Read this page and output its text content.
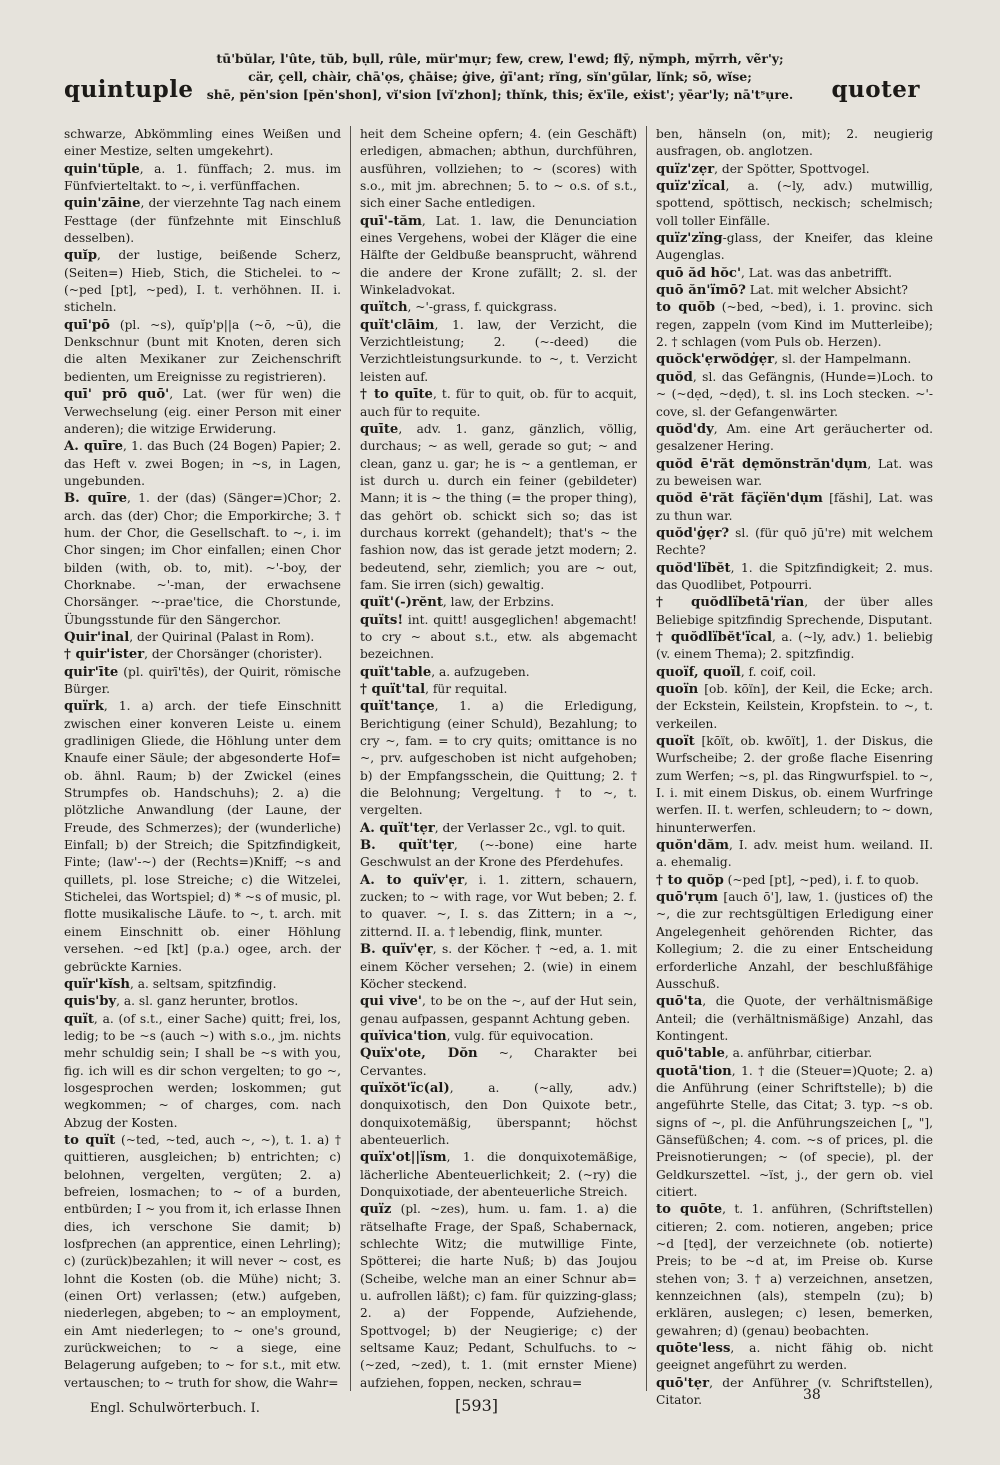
quintuple
tū'bŭlar, l'ûte, tŭb, bụll, rûle, mür'mụr; few, crew, l'ewd; flȳ, nȳmph, mȳrrh, vẽr'y;
cär, ç̣ell, chàir, chā'ọs, ç̣hāise; ġive, ġī'ant; rĭng, sĭn'gūlar, lĭnk; sō, wĭse;
shē, pĕn'sion [pĕn'shon], vĭ'sion [vĭ'zhon]; thĭnk, this; ĕx'īle, eẋist'; yēar'ly; nā'tˢụre. quoter

schwarze, Abkömmling eines Weißen und einer Mestize, selten umgekehrt).

quin'tŭple, a. 1. fünffach; 2. mus. im Fünfvierteltakt. to ~, i. verfünffachen.

quin'zāine, der vierzehnte Tag nach einem Festtage (der fünfzehnte mit Einschluß desselben).

quĭp, der lustige, beißende Scherz, (Seiten=) Hieb, Stich, die Stichelei. to ~ (~ped [pt], ~ped), I. t. verhöhnen. II. i. sticheln.

quī'pō (pl. ~s), quĭp'p||a (~ō, ~ū), die Denkschnur (bunt mit Knoten, deren sich die alten Mexikaner zur Zeichenschrift bedienten, um Ereignisse zu registrieren).

quī' prō quō', Lat. (wer für wen) die Verwechselung (eig. einer Person mit einer anderen); die witzige Erwiderung.

A. quīre, 1. das Buch (24 Bogen) Papier; 2. das Heft v. zwei Bogen; in ~s, in Lagen, ungebunden.

B. quīre, 1. der (das) (Sänger=)Chor; 2. arch. das (der) Chor; die Emporkirche; 3. † hum. der Chor, die Gesellschaft. to ~, i. im Chor singen; im Chor einfallen; einen Chor bilden (with, ob. to, mit). ~'-boy, der Chorknabe. ~'-man, der erwachsene Chorsänger. ~-prae'tice, die Chorstunde, Übungsstunde für den Sängerchor.

Quir'inal, der Quirinal (Palast in Rom).

† quir'ister, der Chorsänger (chorister).

quir'īte (pl. quirī'tēs), der Quirit, römische Bürger.

quïrk, 1. a) arch. der tiefe Einschnitt zwischen einer konveren Leiste u. einem gradlinigen Gliede, die Höhlung unter dem Knaufe einer Säule; der abgesonderte Hof= ob. ähnl. Raum; b) der Zwickel (eines Strumpfes ob. Handschuhs); 2. a) die plötzliche Anwandlung (der Laune, der Freude, des Schmerzes); der (wunderliche) Einfall; b) der Streich; die Spitzfindigkeit, Finte; (law'-~) der (Rechts=)Kniff; ~s and quillets, pl. lose Streiche; c) die Witzelei, Stichelei, das Wortspiel; d) * ~s of music, pl. flotte musikalische Läufe. to ~, t. arch. mit einem Einschnitt ob. einer Höhlung versehen. ~ed [kt] (p.a.) ogee, arch. der gebrückte Karnies.

quïr'kĭsh, a. seltsam, spitzfindig.

quis'by, a. sl. ganz herunter, brotlos.

quït, a. (of s.t., einer Sache) quitt; frei, los, ledig; to be ~s (auch ~) with s.o., jm. nichts mehr schuldig sein; I shall be ~s with you, fig. ich will es dir schon vergelten; to go ~, losgesprochen werden; loskommen; gut wegkommen; ~ of charges, com. nach Abzug der Kosten.

to quït (~ted, ~ted, auch ~, ~), t. 1. a) † quittieren, ausgleichen; b) entrichten; c) belohnen, vergelten, vergüten; 2. a) befreien, losmachen; to ~ of a burden, entbürden; I ~ you from it, ich erlasse Ihnen dies, ich verschone Sie damit; b) losfprechen (an apprentice, einen Lehrling); c) (zurück)bezahlen; it will never ~ cost, es lohnt die Kosten (ob. die Mühe) nicht; 3. (einen Ort) verlassen; (etw.) aufgeben, niederlegen, abgeben; to ~ an employment, ein Amt niederlegen; to ~ one's ground, zurückweichen; to ~ a siege, eine Belagerung aufgeben; to ~ for s.t., mit etw. vertauschen; to ~ truth for show, die Wahr=

heit dem Scheine opfern; 4. (ein Geschäft) erledigen, abmachen; abthun, durchführen, ausführen, vollziehen; to ~ (scores) with s.o., mit jm. abrechnen; 5. to ~ o.s. of s.t., sich einer Sache entledigen.

quī'-tăm, Lat. 1. law, die Denunciation eines Vergehens, wobei der Kläger die eine Hälfte der Geldbuße beansprucht, während die andere der Krone zufällt; 2. sl. der Winkeladvokat.

quïtch, ~'-grass, f. quickgrass.

quït'clāim, 1. law, der Verzicht, die Verzichtleistung; 2. (~-deed) die Verzichtleistungsurkunde. to ~, t. Verzicht leisten auf.

† to quīte, t. für to quit, ob. für to acquit, auch für to requite.

quīte, adv. 1. ganz, gänzlich, völlig, durchaus; ~ as well, gerade so gut; ~ and clean, ganz u. gar; he is ~ a gentleman, er ist durch u. durch ein feiner (gebildeter) Mann; it is ~ the thing (= the proper thing), das gehört ob. schickt sich so; das ist durchaus korrekt (gehandelt); that's ~ the fashion now, das ist gerade jetzt modern; 2. bedeutend, sehr, ziemlich; you are ~ out, fam. Sie irren (sich) gewaltig.

quït'(-)rĕnt, law, der Erbzins.

quïts! int. quitt! ausgeglichen! abgemacht! to cry ~ about s.t., etw. als abgemacht bezeichnen.

quït'table, a. aufzugeben.

† quït'tal, für requital.

quït'tançe, 1. a) die Erledigung, Berichtigung (einer Schuld), Bezahlung; to cry ~, fam. = to cry quits; omittance is no ~, prv. aufgeschoben ist nicht aufgehoben; b) der Empfangsschein, die Quittung; 2. † die Belohnung; Vergeltung. † to ~, t. vergelten.

A. quït'tẹr, der Verlasser 2c., vgl. to quit.

B. quït'tẹr, (~-bone) eine harte Geschwulst an der Krone des Pferdehufes.

A. to quïv'ẹr, i. 1. zittern, schauern, zucken; to ~ with rage, vor Wut beben; 2. f. to quaver. ~, I. s. das Zittern; in a ~, zitternd. II. a. † lebendig, flink, munter.

B. quïv'ẹr, s. der Köcher. † ~ed, a. 1. mit einem Köcher versehen; 2. (wie) in einem Köcher steckend.

qui vive', to be on the ~, auf der Hut sein, genau aufpassen, gespannt Achtung geben.

quïvica'tion, vulg. für equivocation.

Quïx'ote, Dŏn ~, Charakter bei Cervantes.

quïxŏt'ïc(al), a. (~ally, adv.) donquixotisch, den Don Quixote betr., donquixotemäßig, überspannt; höchst abenteuerlich.

quïx'ot||ïsm, 1. die donquixotemäßige, lächerliche Abenteuerlichkeit; 2. (~ry) die Donquixotiade, der abenteuerliche Streich.

quïz (pl. ~zes), hum. u. fam. 1. a) die rätselhafte Frage, der Spaß, Schabernack, schlechte Witz; die mutwillige Finte, Spötterei; die harte Nuß; b) das Joujou (Scheibe, welche man an einer Schnur ab= u. aufrollen läßt); c) fam. für quizzing-glass; 2. a) der Foppende, Aufziehende, Spottvogel; b) der Neugierige; c) der seltsame Kauz; Pedant, Schulfuchs. to ~ (~zed, ~zed), t. 1. (mit ernster Miene) aufziehen, foppen, necken, schrau=

ben, hänseln (on, mit); 2. neugierig ausfragen, ob. anglotzen.

quïz'zẹr, der Spötter, Spottvogel.

quïz'zïcal, a. (~ly, adv.) mutwillig, spottend, spöttisch, neckisch; schelmisch; voll toller Einfälle.

quïz'zïng-glass, der Kneifer, das kleine Augenglas.

quō ăd hŏc', Lat. was das anbetrifft.

quō ăn'ïmō? Lat. mit welcher Absicht?

to quŏb (~bed, ~bed), i. 1. provinc. sich regen, zappeln (vom Kind im Mutterleibe); 2. † schlagen (vom Puls ob. Herzen).

quŏck'ẹrwŏdġẹr, sl. der Hampelmann.

quŏd, sl. das Gefängnis, (Hunde=)Loch. to ~ (~dẹd, ~dẹd), t. sl. ins Loch stecken. ~'-cove, sl. der Gefangenwärter.

quŏd'dy, Am. eine Art geräucherter od. gesalzener Hering.

quŏd ē'răt dẹmŏnstrăn'dụm, Lat. was zu beweisen war.

quŏd ē'răt făçïĕn'dụm [făshi], Lat. was zu thun war.

quŏd'ġẹr? sl. (für quō jū're) mit welchem Rechte?

quŏd'lïbĕt, 1. die Spitzfindigkeit; 2. mus. das Quodlibet, Potpourri.

† quŏdlïbetā'rïan, der über alles Beliebige spitzfindig Sprechende, Disputant.

† quŏdlïbĕt'ïcal, a. (~ly, adv.) 1. beliebig (v. einem Thema); 2. spitzfindig.

quoïf, quoïl, f. coif, coil.

quoïn [ob. kōïn], der Keil, die Ecke; arch. der Eckstein, Keilstein, Kropfstein. to ~, t. verkeilen.

quoït [kōït, ob. kwōït], 1. der Diskus, die Wurfscheibe; 2. der große flache Eisenring zum Werfen; ~s, pl. das Ringwurfspiel. to ~, I. i. mit einem Diskus, ob. einem Wurfringe werfen. II. t. werfen, schleudern; to ~ down, hinunterwerfen.

quŏn'dăm, I. adv. meist hum. weiland. II. a. ehemalig.

† to quŏp (~ped [pt], ~ped), i. f. to quob.

quō'rụm [auch ō'], law, 1. (justices of) the ~, die zur rechtsgültigen Erledigung einer Angelegenheit gehörenden Richter, das Kollegium; 2. die zu einer Entscheidung erforderliche Anzahl, der beschlußfähige Ausschuß.

quō'ta, die Quote, der verhältnismäßige Anteil; die (verhältnismäßige) Anzahl, das Kontingent.

quō'table, a. anführbar, citierbar.

quotā'tion, 1. † die (Steuer=)Quote; 2. a) die Anführung (einer Schriftstelle); b) die angeführte Stelle, das Citat; 3. typ. ~s ob. signs of ~, pl. die Anführungszeichen [„ "], Gänsefüßchen; 4. com. ~s of prices, pl. die Preisnotierungen; ~ (of specie), pl. der Geldkurszettel. ~ïst, j., der gern ob. viel citiert.

to quōte, t. 1. anführen, (Schriftstellen) citieren; 2. com. notieren, angeben; price ~d [tẹd], der verzeichnete (ob. notierte) Preis; to be ~d at, im Preise ob. Kurse stehen von; 3. † a) verzeichnen, ansetzen, kennzeichnen (als), stempeln (zu); b) erklären, auslegen; c) lesen, bemerken, gewahren; d) (genau) beobachten.

quōte'less, a. nicht fähig ob. nicht geeignet angeführt zu werden.

quō'tẹr, der Anführer (v. Schriftstellen), Citator.

Engl. Schulwörterbuch. I.	[593]
38
